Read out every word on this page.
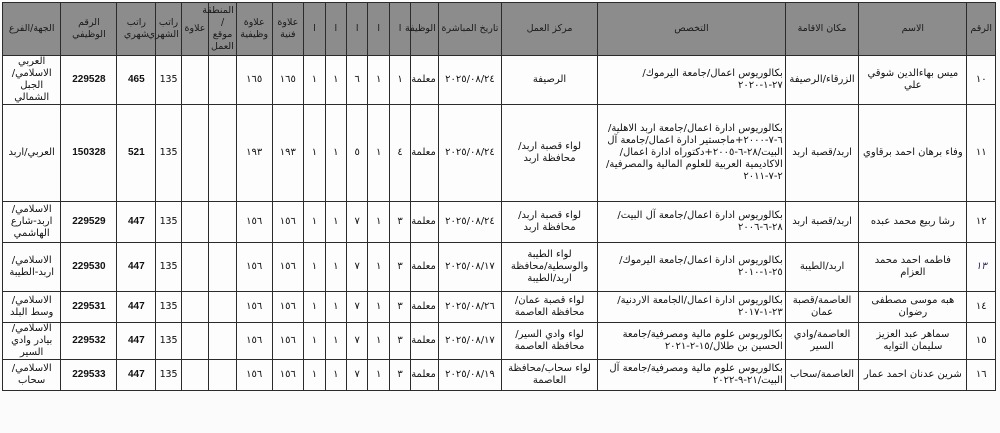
الرقم	الاسم	مكان الاقامة	التخصص	مركز العمل	تاريخ المباشرة	الوظيفة	ا	ا	ا	ا	ا	علاوة فنية	علاوة وظيفية	المنطقة / موقع العمل	علاوة	راتب الشهري	راتب شهري	الرقم الوظيفي	الجهة/الفرع
١٠	ميس بهاءالدين شوقي علي	الزرقاء/الرصيفة	بكالوريوس اعمال/جامعة اليرموك/٢٧-١-٢٠٢٠	الرصيفة	٢٠٢٥/٠٨/٢٤	معلمة	١	١	٦	١	١	١٦٥	١٦٥			135	465	229528	العربي الاسلامي/الجبل الشمالي
١١	وفاء برهان احمد برقاوي	اربد/قصبة اربد	بكالوريوس ادارة اعمال/جامعة اربد الاهلية/٦-٧-٢٠٠٠+ماجستير ادارة اعمال/جامعة آل البيت/٢٨-٦-٢٠٠٥+دكتوراه ادارة اعمال/الاكاديمية العربية للعلوم المالية والمصرفية/٢-٧-٢٠١١	لواء قصبة اربد/محافظة اربد	٢٠٢٥/٠٨/٢٤	معلمة	٤	١	٥	١	١	١٩٣	١٩٣			135	521	150328	العربي/اربد
١٢	رشا ربيع محمد عبده	اربد/قصبة اربد	بكالوريوس ادارة اعمال/جامعة آل البيت/٢٨-٦-٢٠٠٦	لواء قصبة اربد/محافظة اربد	٢٠٢٥/٠٨/٢٤	معلمة	٣	١	٧	١	١	١٥٦	١٥٦			135	447	229529	الاسلامي/اربد-شارع الهاشمي
١٣	فاطمه احمد محمد العزام	اربد/الطيبة	بكالوريوس ادارة اعمال/جامعة اليرموك/٢٥-١-٢٠١٠	لواء الطيبة والوسطية/محافظة اربد/الطيبة	٢٠٢٥/٠٨/١٧	معلمة	٣	١	٧	١	١	١٥٦	١٥٦			135	447	229530	الاسلامي/اربد-الطيبة
١٤	هبه موسى مصطفى رضوان	العاصمة/قصبة عمان	بكالوريوس ادارة اعمال/الجامعة الاردنية/٢٣-١-٢٠١٧	لواء قصبة عمان/محافظة العاصمة	٢٠٢٥/٠٨/٢٦	معلمة	٣	١	٧	١	١	١٥٦	١٥٦			135	447	229531	الاسلامي/وسط البلد
١٥	سماهر عبد العزيز سليمان التوايه	العاصمة/وادي السير	بكالوريوس علوم مالية ومصرفية/جامعة الحسين بن طلال/١٥-٢-٢٠٢١	لواء وادي السير/محافظة العاصمة	٢٠٢٥/٠٨/١٧	معلمة	٣	١	٧	١	١	١٥٦	١٥٦			135	447	229532	الاسلامي/بيادر وادي السير
١٦	شرين عدنان احمد عمار	العاصمة/سحاب	بكالوريوس علوم مالية ومصرفية/جامعة آل البيت/٢١-٩-٢٠٢٢	لواء سحاب/محافظة العاصمة	٢٠٢٥/٠٨/١٩	معلمة	٣	١	٧	١	١	١٥٦	١٥٦			135	447	229533	الاسلامي/سحاب
